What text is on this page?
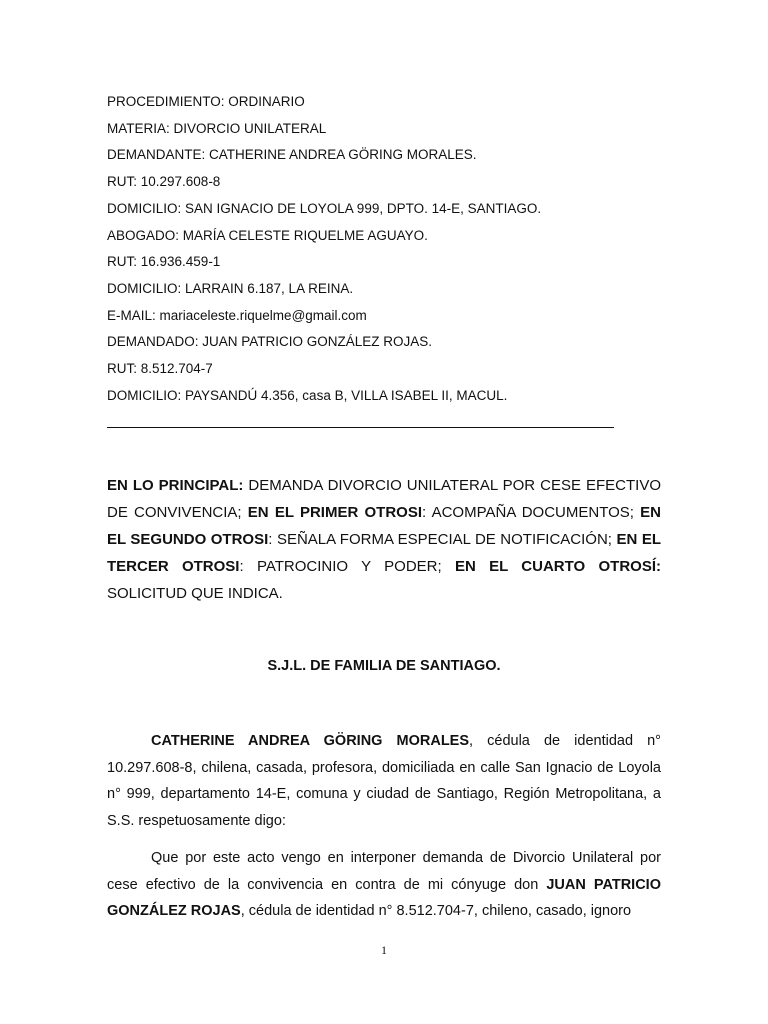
PROCEDIMIENTO: ORDINARIO
MATERIA: DIVORCIO UNILATERAL
DEMANDANTE: CATHERINE ANDREA GÖRING MORALES.
RUT: 10.297.608-8
DOMICILIO: SAN IGNACIO DE LOYOLA 999, DPTO. 14-E, SANTIAGO.
ABOGADO: MARÍA CELESTE RIQUELME AGUAYO.
RUT: 16.936.459-1
DOMICILIO: LARRAIN 6.187, LA REINA.
E-MAIL: mariaceleste.riquelme@gmail.com
DEMANDADO: JUAN PATRICIO GONZÁLEZ ROJAS.
RUT: 8.512.704-7
DOMICILIO: PAYSANDÚ 4.356, casa B, VILLA ISABEL II, MACUL.
EN LO PRINCIPAL: DEMANDA DIVORCIO UNILATERAL POR CESE EFECTIVO DE CONVIVENCIA; EN EL PRIMER OTROSI: ACOMPAÑA DOCUMENTOS; EN EL SEGUNDO OTROSI: SEÑALA FORMA ESPECIAL DE NOTIFICACIÓN; EN EL TERCER OTROSI: PATROCINIO Y PODER; EN EL CUARTO OTROSÍ: SOLICITUD QUE INDICA.
S.J.L. DE FAMILIA DE SANTIAGO.
CATHERINE ANDREA GÖRING MORALES, cédula de identidad n° 10.297.608-8, chilena, casada, profesora, domiciliada en calle San Ignacio de Loyola n° 999, departamento 14-E, comuna y ciudad de Santiago, Región Metropolitana, a S.S. respetuosamente digo:
Que por este acto vengo en interponer demanda de Divorcio Unilateral por cese efectivo de la convivencia en contra de mi cónyuge don JUAN PATRICIO GONZÁLEZ ROJAS, cédula de identidad n° 8.512.704-7, chileno, casado, ignoro
1
